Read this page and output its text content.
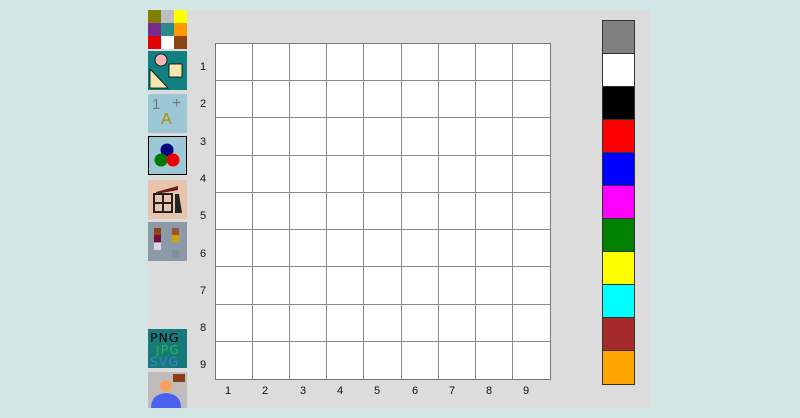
1 +
A
PNG
JPG
SVG
1
2
3
4
5
6
7
8
9
1	2	3	4	5	6	7	8	9
